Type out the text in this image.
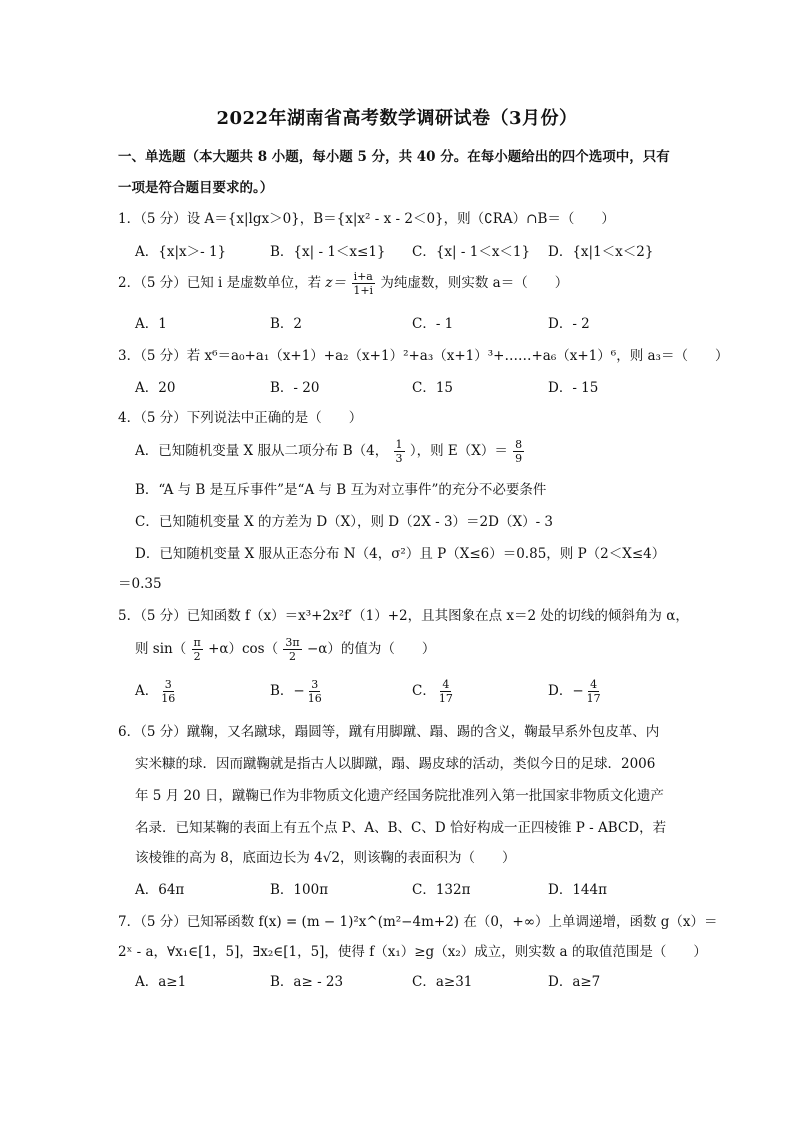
2022年湖南省高考数学调研试卷（3月份）
一、单选题（本大题共 8 小题，每小题 5 分，共 40 分。在每小题给出的四个选项中，只有
一项是符合题目要求的。）
1．（5 分）设 A＝{x|lgx＞0}，B＝{x|x² - x - 2＜0}，则（∁RA）∩B＝（　　）
A．{x|x＞- 1}	B．{x| - 1＜x≤1} C．{x| - 1＜x＜1} D．{x|1＜x＜2}
2．（5 分）已知 i 是虚数单位，若 $z= \frac{i+a}{1+i}$ 为纯虚数，则实数 a＝（　　）
A．1	B．2	C．- 1	D．- 2
3．（5 分）若 x⁶＝a₀+a₁（x+1）+a₂（x+1）²+a₃（x+1）³+……+a₆（x+1）⁶，则 a₃＝（　　）
A．20	B．- 20	C．15	D．- 15
4．（5 分）下列说法中正确的是（　　）
A．已知随机变量 X 服从二项分布 B（4， $\frac{1}{3}$ ），则 $E(X)= \frac{8}{9}$
B．“A 与 B 是互斥事件”是“A 与 B 互为对立事件”的充分不必要条件
C．已知随机变量 X 的方差为 D（X），则 D（2X - 3）＝2D（X）- 3
D．已知随机变量 X 服从正态分布 N（4，σ²）且 P（X≤6）＝0.85，则 P（2＜X≤4）
＝0.35
5．（5 分）已知函数 f（x）＝x³+2x²f′（1）+2，且其图象在点 x＝2 处的切线的倾斜角为 α，
则 $\sin( \frac{\pi}{2} +\alpha)\cos( \frac{3\pi}{2} -\alpha)$的值为（　　）
A． $\frac{3}{16}$	B．− $\frac{3}{16}$	C． $\frac{4}{17}$	D．− $\frac{4}{17}$
6．（5 分）蹴鞠，又名蹴球，蹋圆等，蹴有用脚蹴、蹋、踢的含义，鞠最早系外包皮革、内
实米糠的球．因而蹴鞠就是指古人以脚蹴，蹋、踢皮球的活动，类似今日的足球．2006
年 5 月 20 日，蹴鞠已作为非物质文化遗产经国务院批准列入第一批国家非物质文化遗产
名录．已知某鞠的表面上有五个点 P、A、B、C、D 恰好构成一正四棱锥 P - ABCD，若
该棱锥的高为 8，底面边长为 4√2，则该鞠的表面积为（　　）
A．64π	B．100π	C．132π	D．144π
7．（5 分）已知幂函数 f(x) = (m − 1)²x^(m²−4m+2) 在（0，+∞）上单调递增，函数 g（x）＝
2ˣ - a，∀x₁∈[1，5]，∃x₂∈[1，5]，使得 f（x₁）≥g（x₂）成立，则实数 a 的取值范围是（　　）
A．a≥1	B．a≥ - 23	C．a≥31	D．a≥7
